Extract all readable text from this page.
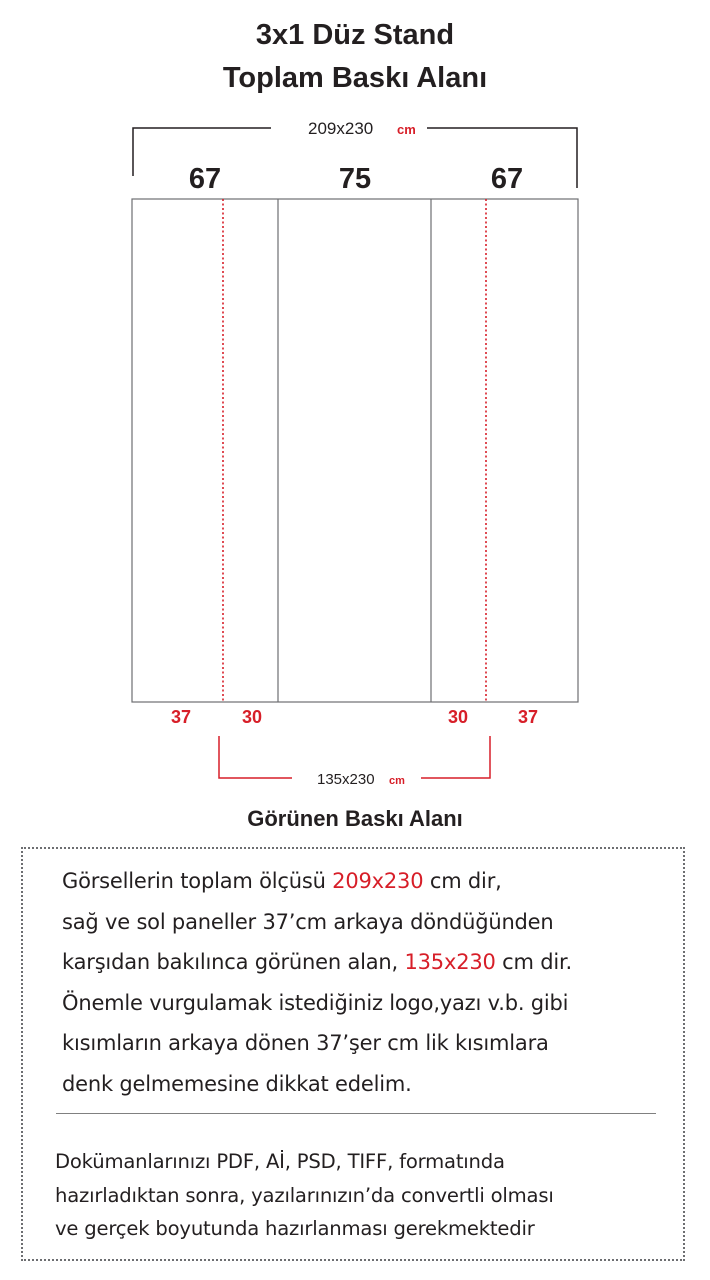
3x1 Düz Stand
Toplam Baskı Alanı
209x230 cm
67	75	67
37	30	30	37
135x230 cm
Görünen Baskı Alanı
Görsellerin toplam ölçüsü 209x230 cm dir,
sağ ve sol paneller 37’cm arkaya döndüğünden
karşıdan bakılınca görünen alan, 135x230 cm dir.
Önemle vurgulamak istediğiniz logo,yazı v.b. gibi
kısımların arkaya dönen 37’şer cm lik kısımlara
denk gelmemesine dikkat edelim.
Dokümanlarınızı PDF, Aİ, PSD, TIFF, formatında
hazırladıktan sonra, yazılarınızın’da convertli olması
ve gerçek boyutunda hazırlanması gerekmektedir
